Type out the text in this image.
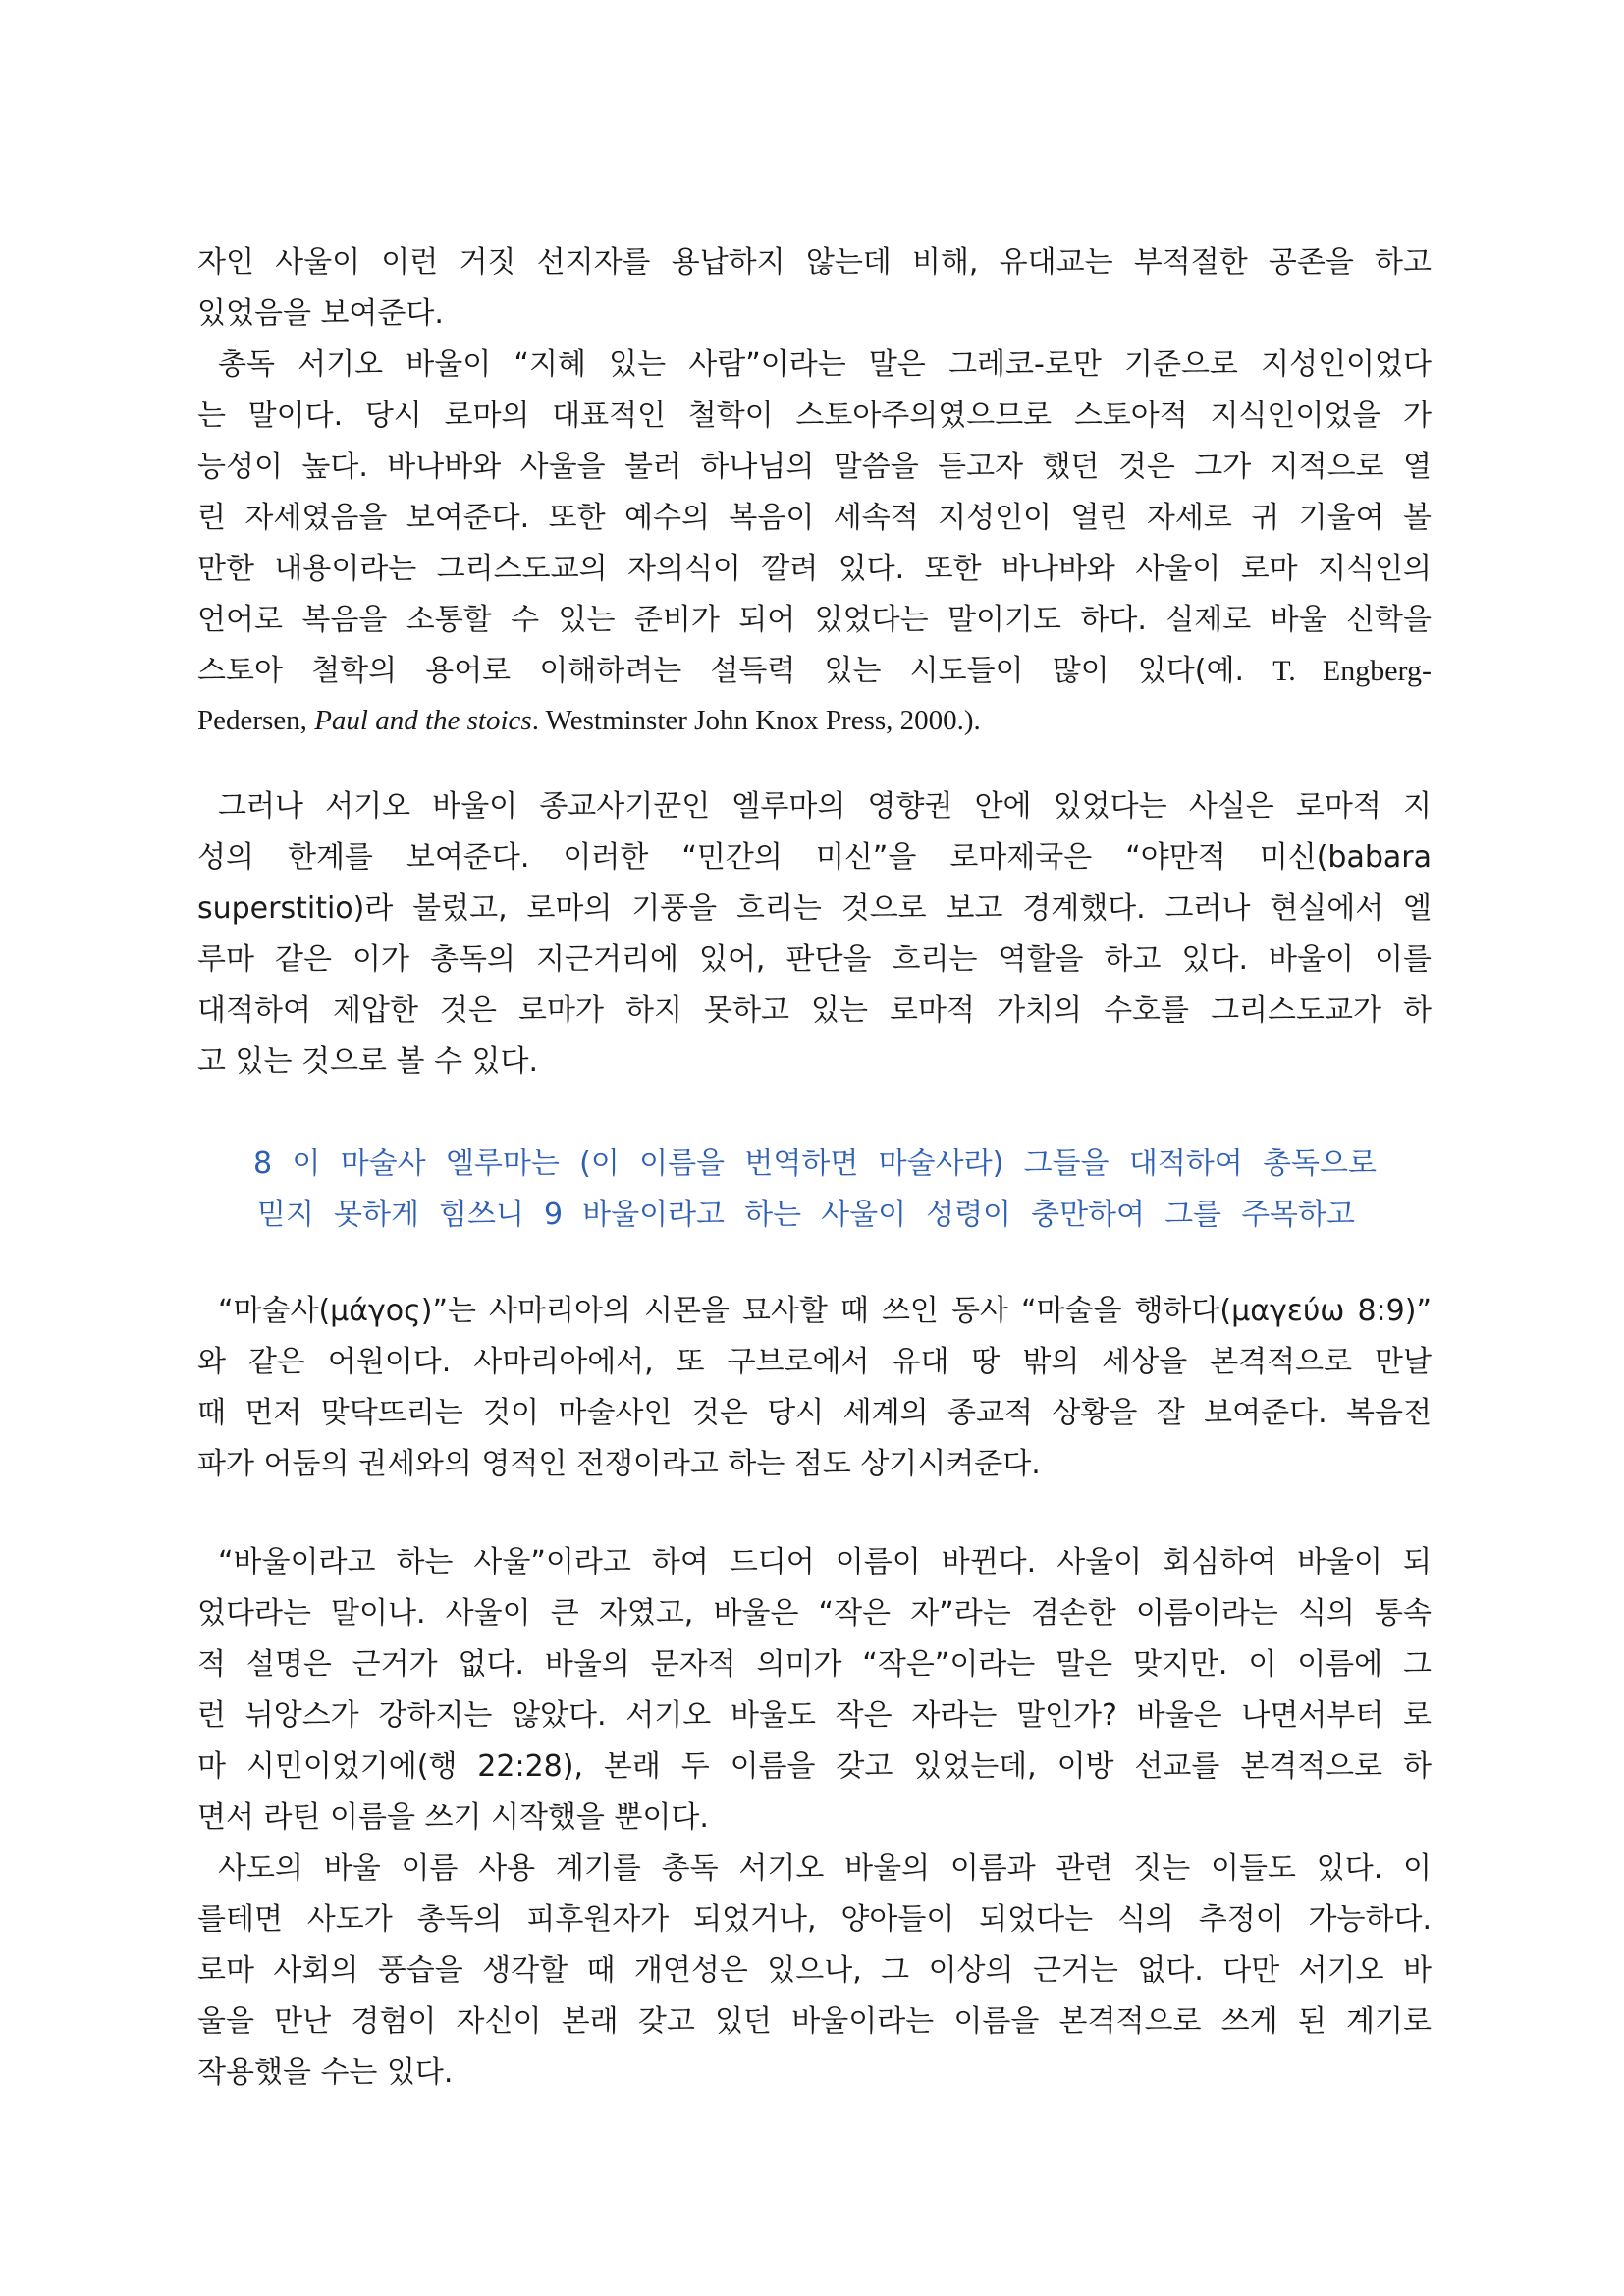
자인 사울이 이런 거짓 선지자를 용납하지 않는데 비해, 유대교는 부적절한 공존을 하고
있었음을 보여준다.
총독 서기오 바울이 “지혜 있는 사람”이라는 말은 그레코-로만 기준으로 지성인이었다
는 말이다. 당시 로마의 대표적인 철학이 스토아주의였으므로 스토아적 지식인이었을 가
능성이 높다. 바나바와 사울을 불러 하나님의 말씀을 듣고자 했던 것은 그가 지적으로 열
린 자세였음을 보여준다. 또한 예수의 복음이 세속적 지성인이 열린 자세로 귀 기울여 볼
만한 내용이라는 그리스도교의 자의식이 깔려 있다. 또한 바나바와 사울이 로마 지식인의
언어로 복음을 소통할 수 있는 준비가 되어 있었다는 말이기도 하다. 실제로 바울 신학을
스토아 철학의 용어로 이해하려는 설득력 있는 시도들이 많이 있다(예. T. Engberg-
Pedersen, Paul and the stoics. Westminster John Knox Press, 2000.).
그러나 서기오 바울이 종교사기꾼인 엘루마의 영향권 안에 있었다는 사실은 로마적 지
성의 한계를 보여준다. 이러한 “민간의 미신”을 로마제국은 “야만적 미신(babara
superstitio)라 불렀고, 로마의 기풍을 흐리는 것으로 보고 경계했다. 그러나 현실에서 엘
루마 같은 이가 총독의 지근거리에 있어, 판단을 흐리는 역할을 하고 있다. 바울이 이를
대적하여 제압한 것은 로마가 하지 못하고 있는 로마적 가치의 수호를 그리스도교가 하
고 있는 것으로 볼 수 있다.
8 이 마술사 엘루마는 (이 이름을 번역하면 마술사라) 그들을 대적하여 총독으로
믿지 못하게 힘쓰니 9 바울이라고 하는 사울이 성령이 충만하여 그를 주목하고
“마술사(μάγος)”는 사마리아의 시몬을 묘사할 때 쓰인 동사 “마술을 행하다(μαγεύω 8:9)”
와 같은 어원이다. 사마리아에서, 또 구브로에서 유대 땅 밖의 세상을 본격적으로 만날
때 먼저 맞닥뜨리는 것이 마술사인 것은 당시 세계의 종교적 상황을 잘 보여준다. 복음전
파가 어둠의 권세와의 영적인 전쟁이라고 하는 점도 상기시켜준다.
“바울이라고 하는 사울”이라고 하여 드디어 이름이 바뀐다. 사울이 회심하여 바울이 되
었다라는 말이나. 사울이 큰 자였고, 바울은 “작은 자”라는 겸손한 이름이라는 식의 통속
적 설명은 근거가 없다. 바울의 문자적 의미가 “작은”이라는 말은 맞지만. 이 이름에 그
런 뉘앙스가 강하지는 않았다. 서기오 바울도 작은 자라는 말인가? 바울은 나면서부터 로
마 시민이었기에(행 22:28), 본래 두 이름을 갖고 있었는데, 이방 선교를 본격적으로 하
면서 라틴 이름을 쓰기 시작했을 뿐이다.
사도의 바울 이름 사용 계기를 총독 서기오 바울의 이름과 관련 짓는 이들도 있다. 이
를테면 사도가 총독의 피후원자가 되었거나, 양아들이 되었다는 식의 추정이 가능하다.
로마 사회의 풍습을 생각할 때 개연성은 있으나, 그 이상의 근거는 없다. 다만 서기오 바
울을 만난 경험이 자신이 본래 갖고 있던 바울이라는 이름을 본격적으로 쓰게 된 계기로
작용했을 수는 있다.
